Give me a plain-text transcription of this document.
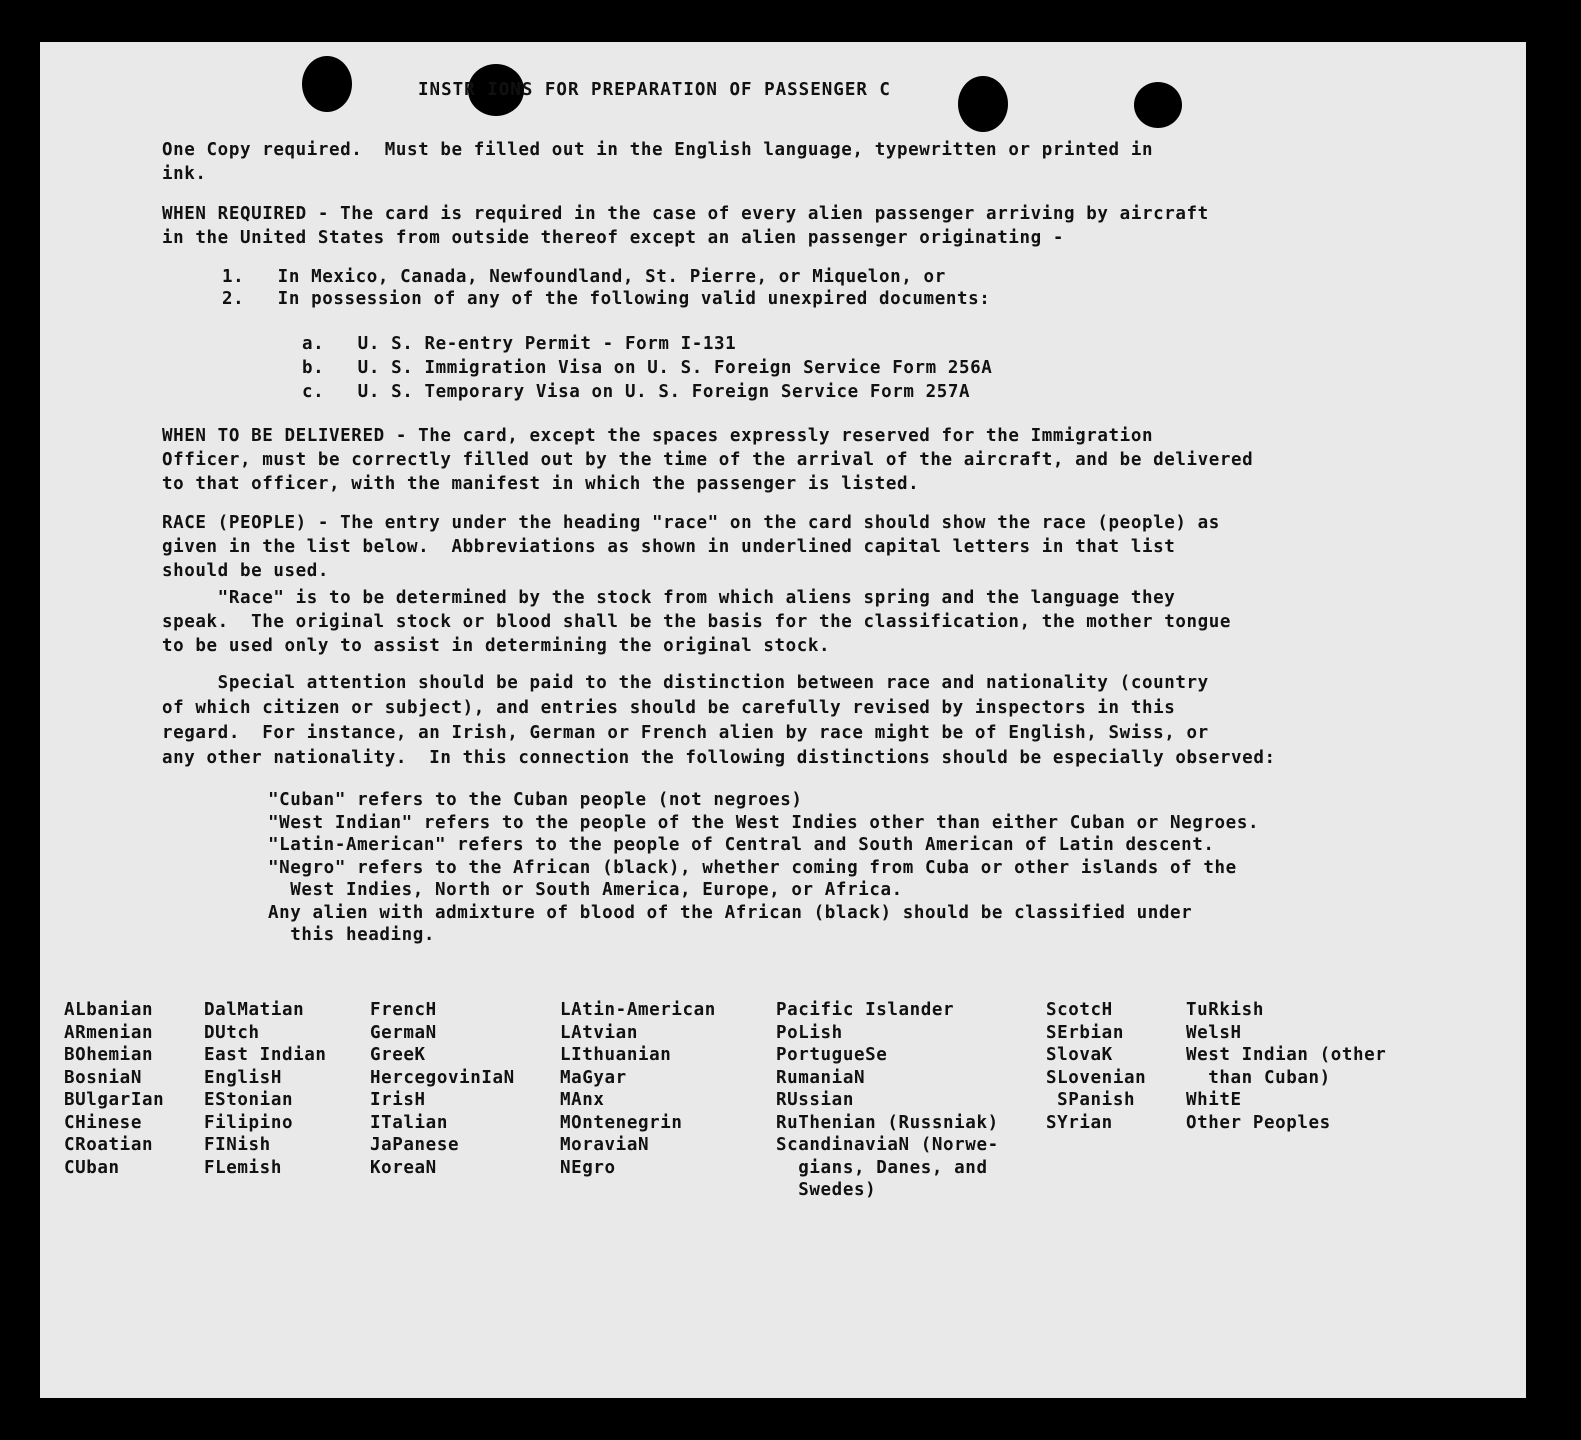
INSTR IONS FOR PREPARATION OF PASSENGER C
One Copy required.  Must be filled out in the English language, typewritten or printed in
ink.
WHEN REQUIRED - The card is required in the case of every alien passenger arriving by aircraft
in the United States from outside thereof except an alien passenger originating -
1.   In Mexico, Canada, Newfoundland, St. Pierre, or Miquelon, or
2.   In possession of any of the following valid unexpired documents:
a.   U. S. Re-entry Permit - Form I-131
b.   U. S. Immigration Visa on U. S. Foreign Service Form 256A
c.   U. S. Temporary Visa on U. S. Foreign Service Form 257A
WHEN TO BE DELIVERED - The card, except the spaces expressly reserved for the Immigration
Officer, must be correctly filled out by the time of the arrival of the aircraft, and be delivered
to that officer, with the manifest in which the passenger is listed.
RACE (PEOPLE) - The entry under the heading "race" on the card should show the race (people) as
given in the list below.  Abbreviations as shown in underlined capital letters in that list
should be used.
"Race" is to be determined by the stock from which aliens spring and the language they
speak.  The original stock or blood shall be the basis for the classification, the mother tongue
to be used only to assist in determining the original stock.
Special attention should be paid to the distinction between race and nationality (country
of which citizen or subject), and entries should be carefully revised by inspectors in this
regard.  For instance, an Irish, German or French alien by race might be of English, Swiss, or
any other nationality.  In this connection the following distinctions should be especially observed:
"Cuban" refers to the Cuban people (not negroes)
"West Indian" refers to the people of the West Indies other than either Cuban or Negroes.
"Latin-American" refers to the people of Central and South American of Latin descent.
"Negro" refers to the African (black), whether coming from Cuba or other islands of the
West Indies, North or South America, Europe, or Africa.
Any alien with admixture of blood of the African (black) should be classified under
this heading.
ALbanian
ARmenian
BOhemian
BosniaN
BUlgarIan
CHinese
CRoatian
CUban
DalMatian
DUtch
East Indian
EnglisH
EStonian
Filipino
FINish
FLemish
FrencH
GermaN
GreeK
HercegovinIaN
IrisH
ITalian
JaPanese
KoreaN
LAtin-American
LAtvian
LIthuanian
MaGyar
MAnx
MOntenegrin
MoraviaN
NEgro
Pacific Islander
PoLish
PortugueSe
RumaniaN
RUssian
RuThenian (Russniak)
ScandinaviaN (Norwe-
gians, Danes, and
Swedes)
ScotcH
SErbian
SlovaK
SLovenian
SPanish
SYrian
TuRkish
WelsH
West Indian (other
than Cuban)
WhitE
Other Peoples
